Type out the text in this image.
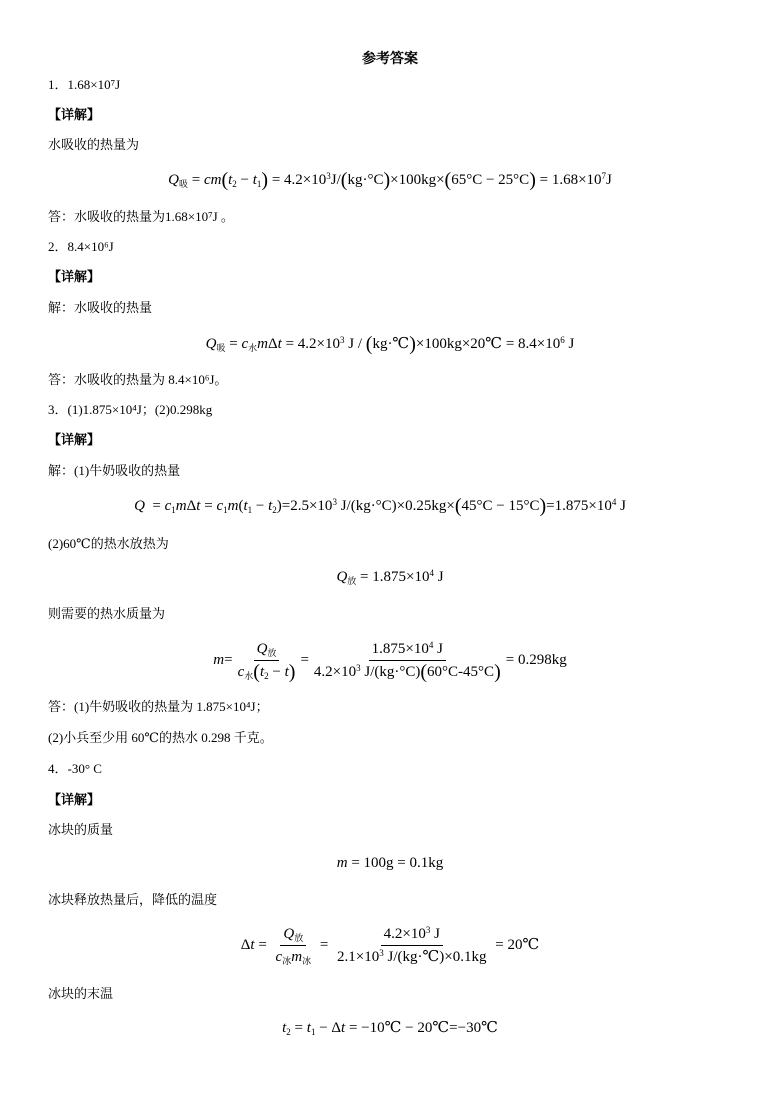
参考答案
1．1.68×10⁷J
【详解】
水吸收的热量为
$Q_吸 = cm(t_2 - t_1) = 4.2\times 10^3J/(kg\cdot^\circ C)\times 100kg\times(65^\circ C - 25^\circ C) = 1.68\times 10^7J$
答：水吸收的热量为1.68×10⁷J 。
2．8.4×10⁶J
【详解】
解：水吸收的热量
$Q_吸 = c_水m\Delta t = 4.2\times 10^3$ J / (kg·℃)×100kg×20℃ = $8.4\times 10^6$ J
答：水吸收的热量为 8.4×10⁶J。
3．(1)1.875×10⁴J；(2)0.298kg
【详解】
解：(1)牛奶吸收的热量
$Q = c_1m\Delta t = c_1m(t_1 - t_2)=2.5\times 10^3$ $J/(kg\cdot^\circ C)\times 0.25kg\times(45^\circ C - 15^\circ C)=1.875\times 10^4$ J
(2)60℃的热水放热为
$Q_放 = 1.875\times 10^4$ J
则需要的热水质量为
$m= \frac{Q_放}{c_水(t_2 - t)} = \frac{1.875\times 10^4 J}{4.2\times 10^3 J/(kg\cdot^\circ C)(60^\circ C-45^\circ C)} = 0.298kg$
答：(1)牛奶吸收的热量为 1.875×10⁴J；
(2)小兵至少用 60℃的热水 0.298 千克。
4．-30° C
【详解】
冰块的质量
m = 100g = 0.1kg
冰块释放热量后，降低的温度
$\Delta t = \frac{Q_放}{c_冰m_冰} = \frac{4.2\times 10^3 J}{2.1\times 10^3 J/(kg\cdot℃)\times 0.1kg}$ = 20℃
冰块的末温
$t_2 = t_1 - \Delta t$ = −10℃ − 20℃=−30℃
